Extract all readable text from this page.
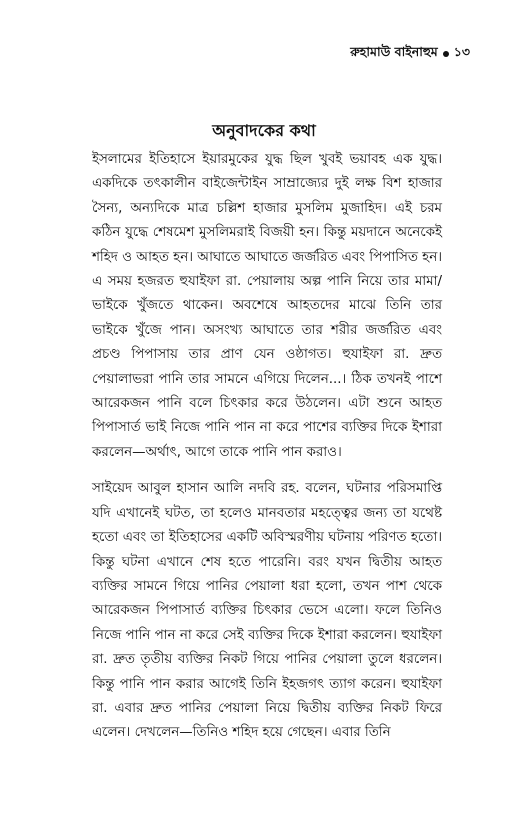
রুহামাউ বাইনাহুম ১৩
অনুবাদকের কথা

ইসলামের ইতিহাসে ইয়ারমুকের যুদ্ধ ছিল খুবই ভয়াবহ এক যুদ্ধ। একদিকে তৎকালীন বাইজেন্টাইন সাম্রাজ্যের দুই লক্ষ বিশ হাজার সৈন্য, অন্যদিকে মাত্র চল্লিশ হাজার মুসলিম মুজাহিদ। এই চরম কঠিন যুদ্ধে শেষমেশ মুসলিমরাই বিজয়ী হন। কিন্তু ময়দানে অনেকেই শহিদ ও আহত হন। আঘাতে আঘাতে জর্জরিত এবং পিপাসিত হন। এ সময় হজরত হুযাইফা রা. পেয়ালায় অল্প পানি নিয়ে তার মামা/ভাইকে খুঁজতে থাকেন। অবশেষে আহতদের মাঝে তিনি তার ভাইকে খুঁজে পান। অসংখ্য আঘাতে তার শরীর জর্জরিত এবং প্রচণ্ড পিপাসায় তার প্রাণ যেন ওষ্ঠাগত। হুযাইফা রা. দ্রুত পেয়ালাভরা পানি তার সামনে এগিয়ে দিলেন...। ঠিক তখনই পাশে আরেকজন পানি বলে চিৎকার করে উঠলেন। এটা শুনে আহত পিপাসার্ত ভাই নিজে পানি পান না করে পাশের ব্যক্তির দিকে ইশারা করলেন—অর্থাৎ, আগে তাকে পানি পান করাও।

সাইয়েদ আবুল হাসান আলি নদবি রহ. বলেন, ঘটনার পরিসমাপ্তি যদি এখানেই ঘটত, তা হলেও মানবতার মহত্ত্বের জন্য তা যথেষ্ট হতো এবং তা ইতিহাসের একটি অবিস্মরণীয় ঘটনায় পরিণত হতো। কিন্তু ঘটনা এখানে শেষ হতে পারেনি। বরং যখন দ্বিতীয় আহত ব্যক্তির সামনে গিয়ে পানির পেয়ালা ধরা হলো, তখন পাশ থেকে আরেকজন পিপাসার্ত ব্যক্তির চিৎকার ভেসে এলো। ফলে তিনিও নিজে পানি পান না করে সেই ব্যক্তির দিকে ইশারা করলেন। হুযাইফা রা. দ্রুত তৃতীয় ব্যক্তির নিকট গিয়ে পানির পেয়ালা তুলে ধরলেন। কিন্তু পানি পান করার আগেই তিনি ইহজগৎ ত্যাগ করেন। হুযাইফা রা. এবার দ্রুত পানির পেয়ালা নিয়ে দ্বিতীয় ব্যক্তির নিকট ফিরে এলেন। দেখলেন—তিনিও শহিদ হয়ে গেছেন। এবার তিনি
